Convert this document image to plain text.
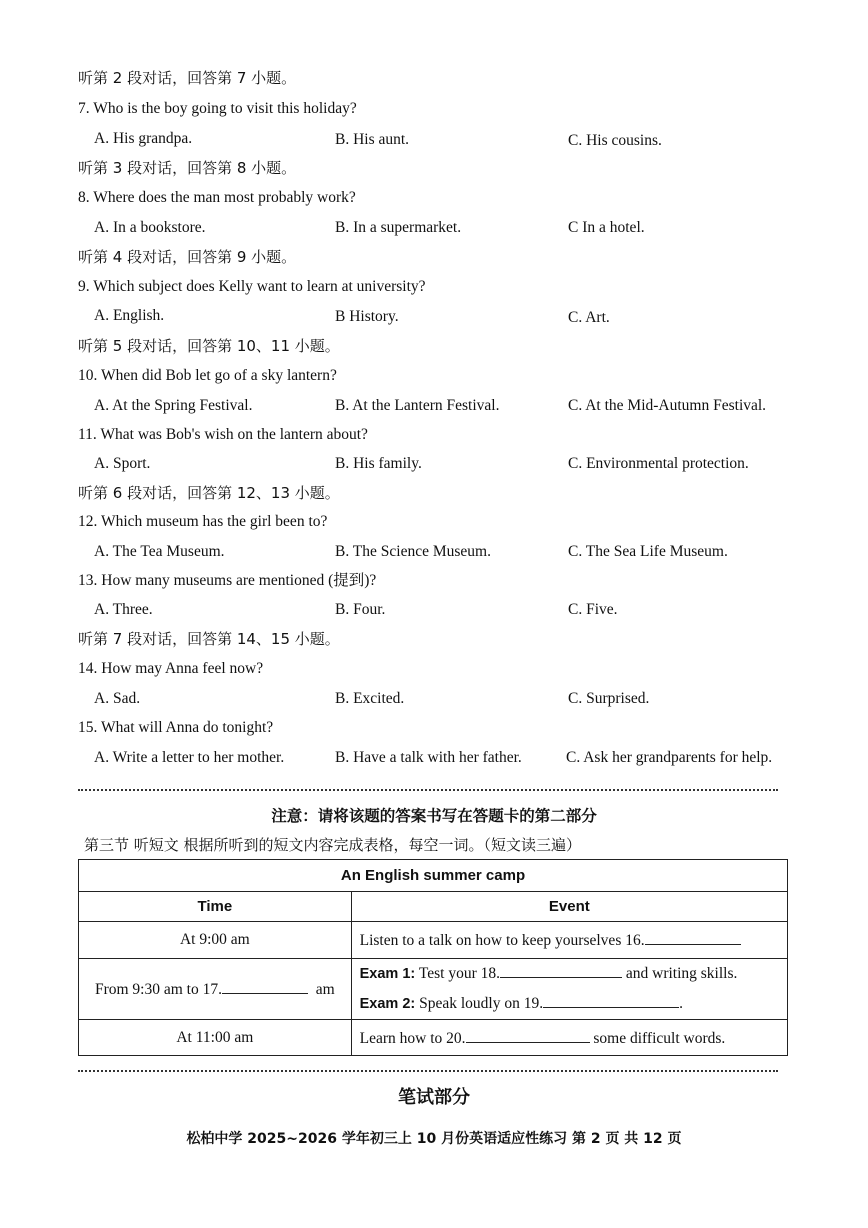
听第 2 段对话，回答第 7 小题。
7. Who is the boy going to visit this holiday?
A. His grandpa.	B. His aunt.	C. His cousins.
听第 3 段对话，回答第 8 小题。
8. Where does the man most probably work?
A. In a bookstore.	B. In a supermarket.	C In a hotel.
听第 4 段对话，回答第 9 小题。
9. Which subject does Kelly want to learn at university?
A. English.	B History.	C. Art.
听第 5 段对话，回答第 10、11 小题。
10. When did Bob let go of a sky lantern?
A. At the Spring Festival.	B. At the Lantern Festival.	C. At the Mid-Autumn Festival.
11. What was Bob's wish on the lantern about?
A. Sport.	B. His family.	C. Environmental protection.
听第 6 段对话，回答第 12、13 小题。
12. Which museum has the girl been to?
A. The Tea Museum.	B. The Science Museum.	C. The Sea Life Museum.
13. How many museums are mentioned (提到)?
A. Three.	B. Four.	C. Five.
听第 7 段对话，回答第 14、15 小题。
14. How may Anna feel now?
A. Sad.	B. Excited.	C. Surprised.
15. What will Anna do tonight?
A. Write a letter to her mother.	B. Have a talk with her father.	C. Ask her grandparents for help.
注意：请将该题的答案书写在答题卡的第二部分
第三节 听短文 根据所听到的短文内容完成表格，每空一词。（短文读三遍）
An English summer camp	
Time	Event
At 9:00 am	Listen to a talk on how to keep yourselves 16.
From 9:30 am to 17. am	Exam 1: Test your 18. and writing skills.
Exam 2: Speak loudly on 19. .

At 11:00 am	Learn how to 20. some difficult words.
笔试部分
松柏中学 2025~2026 学年初三上 10 月份英语适应性练习 第 2 页 共 12 页
